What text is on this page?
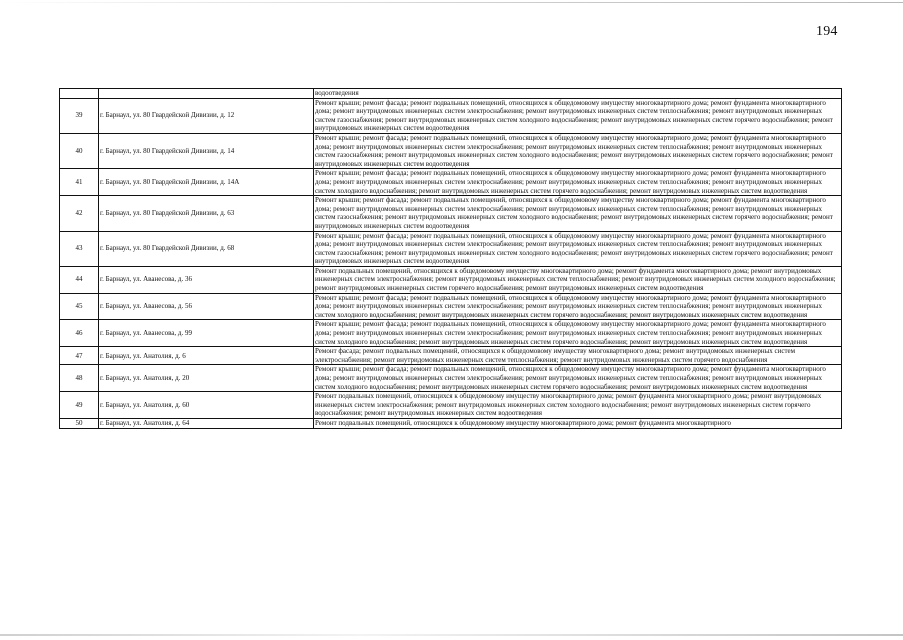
194
		водоотведения
39	г. Барнаул, ул. 80 Гвардейской Дивизии, д. 12	Ремонт крыши; ремонт фасада; ремонт подвальных помещений, относящихся к общедомовому имуществу многоквартирного дома; ремонт фундамента многоквартирного дома; ремонт внутридомовых инженерных систем электроснабжения; ремонт внутридомовых инженерных систем теплоснабжения; ремонт внутридомовых инженерных систем газоснабжения; ремонт внутридомовых инженерных систем холодного водоснабжения; ремонт внутридомовых инженерных систем горячего водоснабжения; ремонт внутридомовых инженерных систем водоотведения
40	г. Барнаул, ул. 80 Гвардейской Дивизии, д. 14	Ремонт крыши; ремонт фасада; ремонт подвальных помещений, относящихся к общедомовому имуществу многоквартирного дома; ремонт фундамента многоквартирного дома; ремонт внутридомовых инженерных систем электроснабжения; ремонт внутридомовых инженерных систем теплоснабжения; ремонт внутридомовых инженерных систем газоснабжения; ремонт внутридомовых инженерных систем холодного водоснабжения; ремонт внутридомовых инженерных систем горячего водоснабжения; ремонт внутридомовых инженерных систем водоотведения
41	г. Барнаул, ул. 80 Гвардейской Дивизии, д. 14А	Ремонт крыши; ремонт фасада; ремонт подвальных помещений, относящихся к общедомовому имуществу многоквартирного дома; ремонт фундамента многоквартирного дома; ремонт внутридомовых инженерных систем электроснабжения; ремонт внутридомовых инженерных систем теплоснабжения; ремонт внутридомовых инженерных систем холодного водоснабжения; ремонт внутридомовых инженерных систем горячего водоснабжения; ремонт внутридомовых инженерных систем водоотведения
42	г. Барнаул, ул. 80 Гвардейской Дивизии, д. 63	Ремонт крыши; ремонт фасада; ремонт подвальных помещений, относящихся к общедомовому имуществу многоквартирного дома; ремонт фундамента многоквартирного дома; ремонт внутридомовых инженерных систем электроснабжения; ремонт внутридомовых инженерных систем теплоснабжения; ремонт внутридомовых инженерных систем газоснабжения; ремонт внутридомовых инженерных систем холодного водоснабжения; ремонт внутридомовых инженерных систем горячего водоснабжения; ремонт внутридомовых инженерных систем водоотведения
43	г. Барнаул, ул. 80 Гвардейской Дивизии, д. 68	Ремонт крыши; ремонт фасада; ремонт подвальных помещений, относящихся к общедомовому имуществу многоквартирного дома; ремонт фундамента многоквартирного дома; ремонт внутридомовых инженерных систем электроснабжения; ремонт внутридомовых инженерных систем теплоснабжения; ремонт внутридомовых инженерных систем газоснабжения; ремонт внутридомовых инженерных систем холодного водоснабжения; ремонт внутридомовых инженерных систем горячего водоснабжения; ремонт внутридомовых инженерных систем водоотведения
44	г. Барнаул, ул. Аванесова, д. 36	Ремонт подвальных помещений, относящихся к общедомовому имуществу многоквартирного дома; ремонт фундамента многоквартирного дома; ремонт внутридомовых инженерных систем электроснабжения; ремонт внутридомовых инженерных систем теплоснабжения; ремонт внутридомовых инженерных систем холодного водоснабжения; ремонт внутридомовых инженерных систем горячего водоснабжения; ремонт внутридомовых инженерных систем водоотведения
45	г. Барнаул, ул. Аванесова, д. 56	Ремонт крыши; ремонт фасада; ремонт подвальных помещений, относящихся к общедомовому имуществу многоквартирного дома; ремонт фундамента многоквартирного дома; ремонт внутридомовых инженерных систем электроснабжения; ремонт внутридомовых инженерных систем теплоснабжения; ремонт внутридомовых инженерных систем холодного водоснабжения; ремонт внутридомовых инженерных систем горячего водоснабжения; ремонт внутридомовых инженерных систем водоотведения
46	г. Барнаул, ул. Аванесова, д. 99	Ремонт крыши; ремонт фасада; ремонт подвальных помещений, относящихся к общедомовому имуществу многоквартирного дома; ремонт фундамента многоквартирного дома; ремонт внутридомовых инженерных систем электроснабжения; ремонт внутридомовых инженерных систем теплоснабжения; ремонт внутридомовых инженерных систем холодного водоснабжения; ремонт внутридомовых инженерных систем горячего водоснабжения; ремонт внутридомовых инженерных систем водоотведения
47	г. Барнаул, ул. Анатолия, д. 6	Ремонт фасада; ремонт подвальных помещений, относящихся к общедомовому имуществу многоквартирного дома; ремонт внутридомовых инженерных систем электроснабжения; ремонт внутридомовых инженерных систем теплоснабжения; ремонт внутридомовых инженерных систем горячего водоснабжения
48	г. Барнаул, ул. Анатолия, д. 20	Ремонт крыши; ремонт фасада; ремонт подвальных помещений, относящихся к общедомовому имуществу многоквартирного дома; ремонт фундамента многоквартирного дома; ремонт внутридомовых инженерных систем электроснабжения; ремонт внутридомовых инженерных систем теплоснабжения; ремонт внутридомовых инженерных систем холодного водоснабжения; ремонт внутридомовых инженерных систем горячего водоснабжения; ремонт внутридомовых инженерных систем водоотведения
49	г. Барнаул, ул. Анатолия, д. 60	Ремонт подвальных помещений, относящихся к общедомовому имуществу многоквартирного дома; ремонт фундамента многоквартирного дома; ремонт внутридомовых инженерных систем электроснабжения; ремонт внутридомовых инженерных систем холодного водоснабжения; ремонт внутридомовых инженерных систем горячего водоснабжения; ремонт внутридомовых инженерных систем водоотведения
50	г. Барнаул, ул. Анатолия, д. 64	Ремонт подвальных помещений, относящихся к общедомовому имуществу многоквартирного дома; ремонт фундамента многоквартирного
